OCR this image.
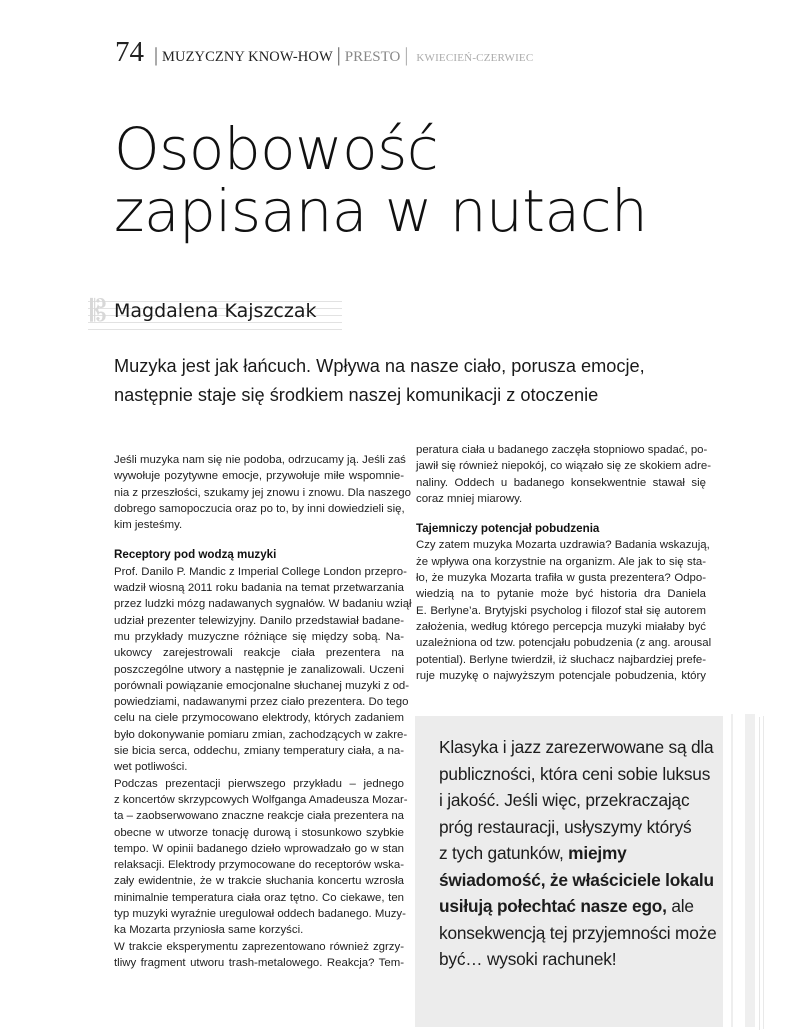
74 | MUZYCZNY KNOW-HOW | PRESTO | KWIECIEŃ-CZERWIEC
Osobowość
zapisana w nutach
𝄡 Magdalena Kajszczak

Muzyka jest jak łańcuch. Wpływa na nasze ciało, porusza emocje,
następnie staje się środkiem naszej komunikacji z otoczenie

Jeśli muzyka nam się nie podoba, odrzucamy ją. Jeśli zaś
wywołuje pozytywne emocje, przywołuje miłe wspomnie-
nia z przeszłości, szukamy jej znowu i znowu. Dla naszego
dobrego samopoczucia oraz po to, by inni dowiedzieli się,
kim jesteśmy.

Receptory pod wodzą muzyki

Prof. Danilo P. Mandic z Imperial College London przepro-
wadził wiosną 2011 roku badania na temat przetwarzania
przez ludzki mózg nadawanych sygnałów. W badaniu wziął
udział prezenter telewizyjny. Danilo przedstawiał badane-
mu przykłady muzyczne różniące się między sobą. Na-
ukowcy zarejestrowali reakcje ciała prezentera na
poszczególne utwory a następnie je zanalizowali. Uczeni
porównali powiązanie emocjonalne słuchanej muzyki z od-
powiedziami, nadawanymi przez ciało prezentera. Do tego
celu na ciele przymocowano elektrody, których zadaniem
było dokonywanie pomiaru zmian, zachodzących w zakre-
sie bicia serca, oddechu, zmiany temperatury ciała, a na-
wet potliwości.

Podczas prezentacji pierwszego przykładu – jednego
z koncertów skrzypcowych Wolfganga Amadeusza Mozar-
ta – zaobserwowano znaczne reakcje ciała prezentera na
obecne w utworze tonację durową i stosunkowo szybkie
tempo. W opinii badanego dzieło wprowadzało go w stan
relaksacji. Elektrody przymocowane do receptorów wska-
zały ewidentnie, że w trakcie słuchania koncertu wzrosła
minimalnie temperatura ciała oraz tętno. Co ciekawe, ten
typ muzyki wyraźnie uregulował oddech badanego. Muzy-
ka Mozarta przyniosła same korzyści.

W trakcie eksperymentu zaprezentowano również zgrzy-
tliwy fragment utworu trash-metalowego. Reakcja? Tem-

peratura ciała u badanego zaczęła stopniowo spadać, po-
jawił się również niepokój, co wiązało się ze skokiem adre-
naliny. Oddech u badanego konsekwentnie stawał się
coraz mniej miarowy.

Tajemniczy potencjał pobudzenia

Czy zatem muzyka Mozarta uzdrawia? Badania wskazują,
że wpływa ona korzystnie na organizm. Ale jak to się sta-
ło, że muzyka Mozarta trafiła w gusta prezentera? Odpo-
wiedzią na to pytanie może być historia dra Daniela
E. Berlyne’a. Brytyjski psycholog i filozof stał się autorem
założenia, według którego percepcja muzyki miałaby być
uzależniona od tzw. potencjału pobudzenia (z ang. arousal
potential). Berlyne twierdził, iż słuchacz najbardziej prefe-
ruje muzykę o najwyższym potencjale pobudzenia, który

Klasyka i jazz zarezerwowane są dla
publiczności, która ceni sobie luksus
i jakość. Jeśli więc, przekraczając
próg restauracji, usłyszymy któryś
z tych gatunków, miejmy
świadomość, że właściciele lokalu
usiłują połechtać nasze ego, ale
konsekwencją tej przyjemności może
być… wysoki rachunek!
